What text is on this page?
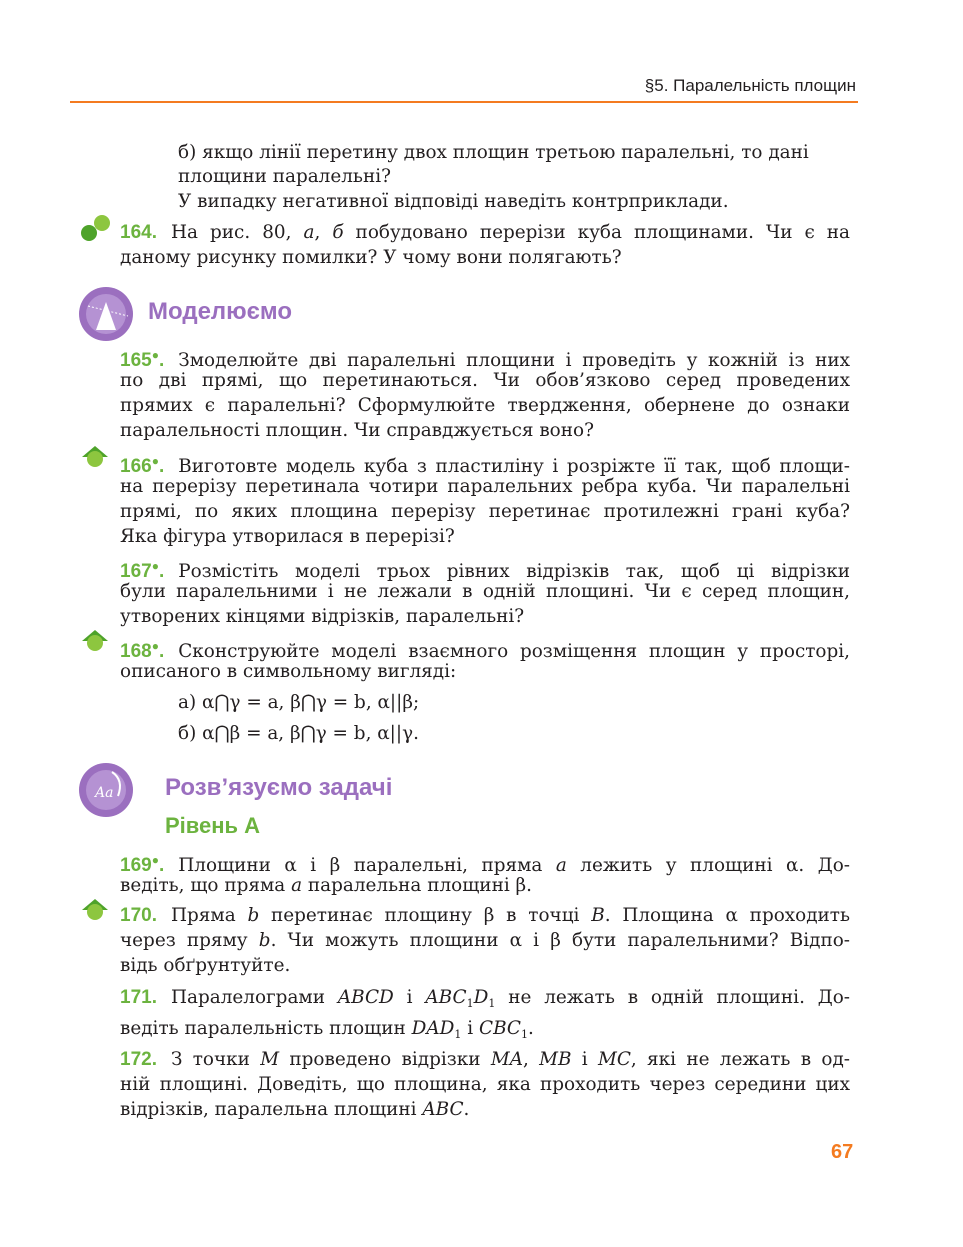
§5. Паралельність площин
б) якщо лінії перетину двох площин третьою паралельні, то дані
площини паралельні?
У випадку негативної відповіді наведіть контрприклади.
164. На рис. 80, а, б побудовано перерізи куба площинами. Чи є на
даному рисунку помилки? У чому вони полягають?
Моделюємо
165●. Змоделюйте дві паралельні площини і проведіть у кожній із них
по дві прямі, що перетинаються. Чи обов’язково серед проведених
прямих є паралельні? Сформулюйте твердження, обернене до ознаки
паралельності площин. Чи справджується воно?
166●. Виготовте модель куба з пластиліну і розріжте її так, щоб площи-
на перерізу перетинала чотири паралельних ребра куба. Чи паралельні
прямі, по яких площина перерізу перетинає протилежні грані куба?
Яка фігура утворилася в перерізі?
167●. Розмістіть моделі трьох рівних відрізків так, щоб ці відрізки
були паралельними і не лежали в одній площині. Чи є серед площин,
утворених кінцями відрізків, паралельні?
168●. Сконструюйте моделі взаємного розміщення площин у просторі,
описаного в символьному вигляді:
а) α⋂γ = a, β⋂γ = b, α||β;
б) α⋂β = a, β⋂γ = b, α||γ.
Aa Розв’язуємо задачі
Рівень А
169●. Площини α і β паралельні, пряма a лежить у площині α. До-
ведіть, що пряма a паралельна площині β.
170. Пряма b перетинає площину β в точці B. Площина α проходить
через пряму b. Чи можуть площини α і β бути паралельними? Відпо-
відь обґрунтуйте.
171. Паралелограми ABCD і $ABC_1D_1$ не лежать в одній площині. До-
ведіть паралельність площин $DAD_1$ і $CBC_1$.
172. З точки M проведено відрізки MA, MB і MC, які не лежать в од-
ній площині. Доведіть, що площина, яка проходить через середини цих
відрізків, паралельна площині ABC.
67
